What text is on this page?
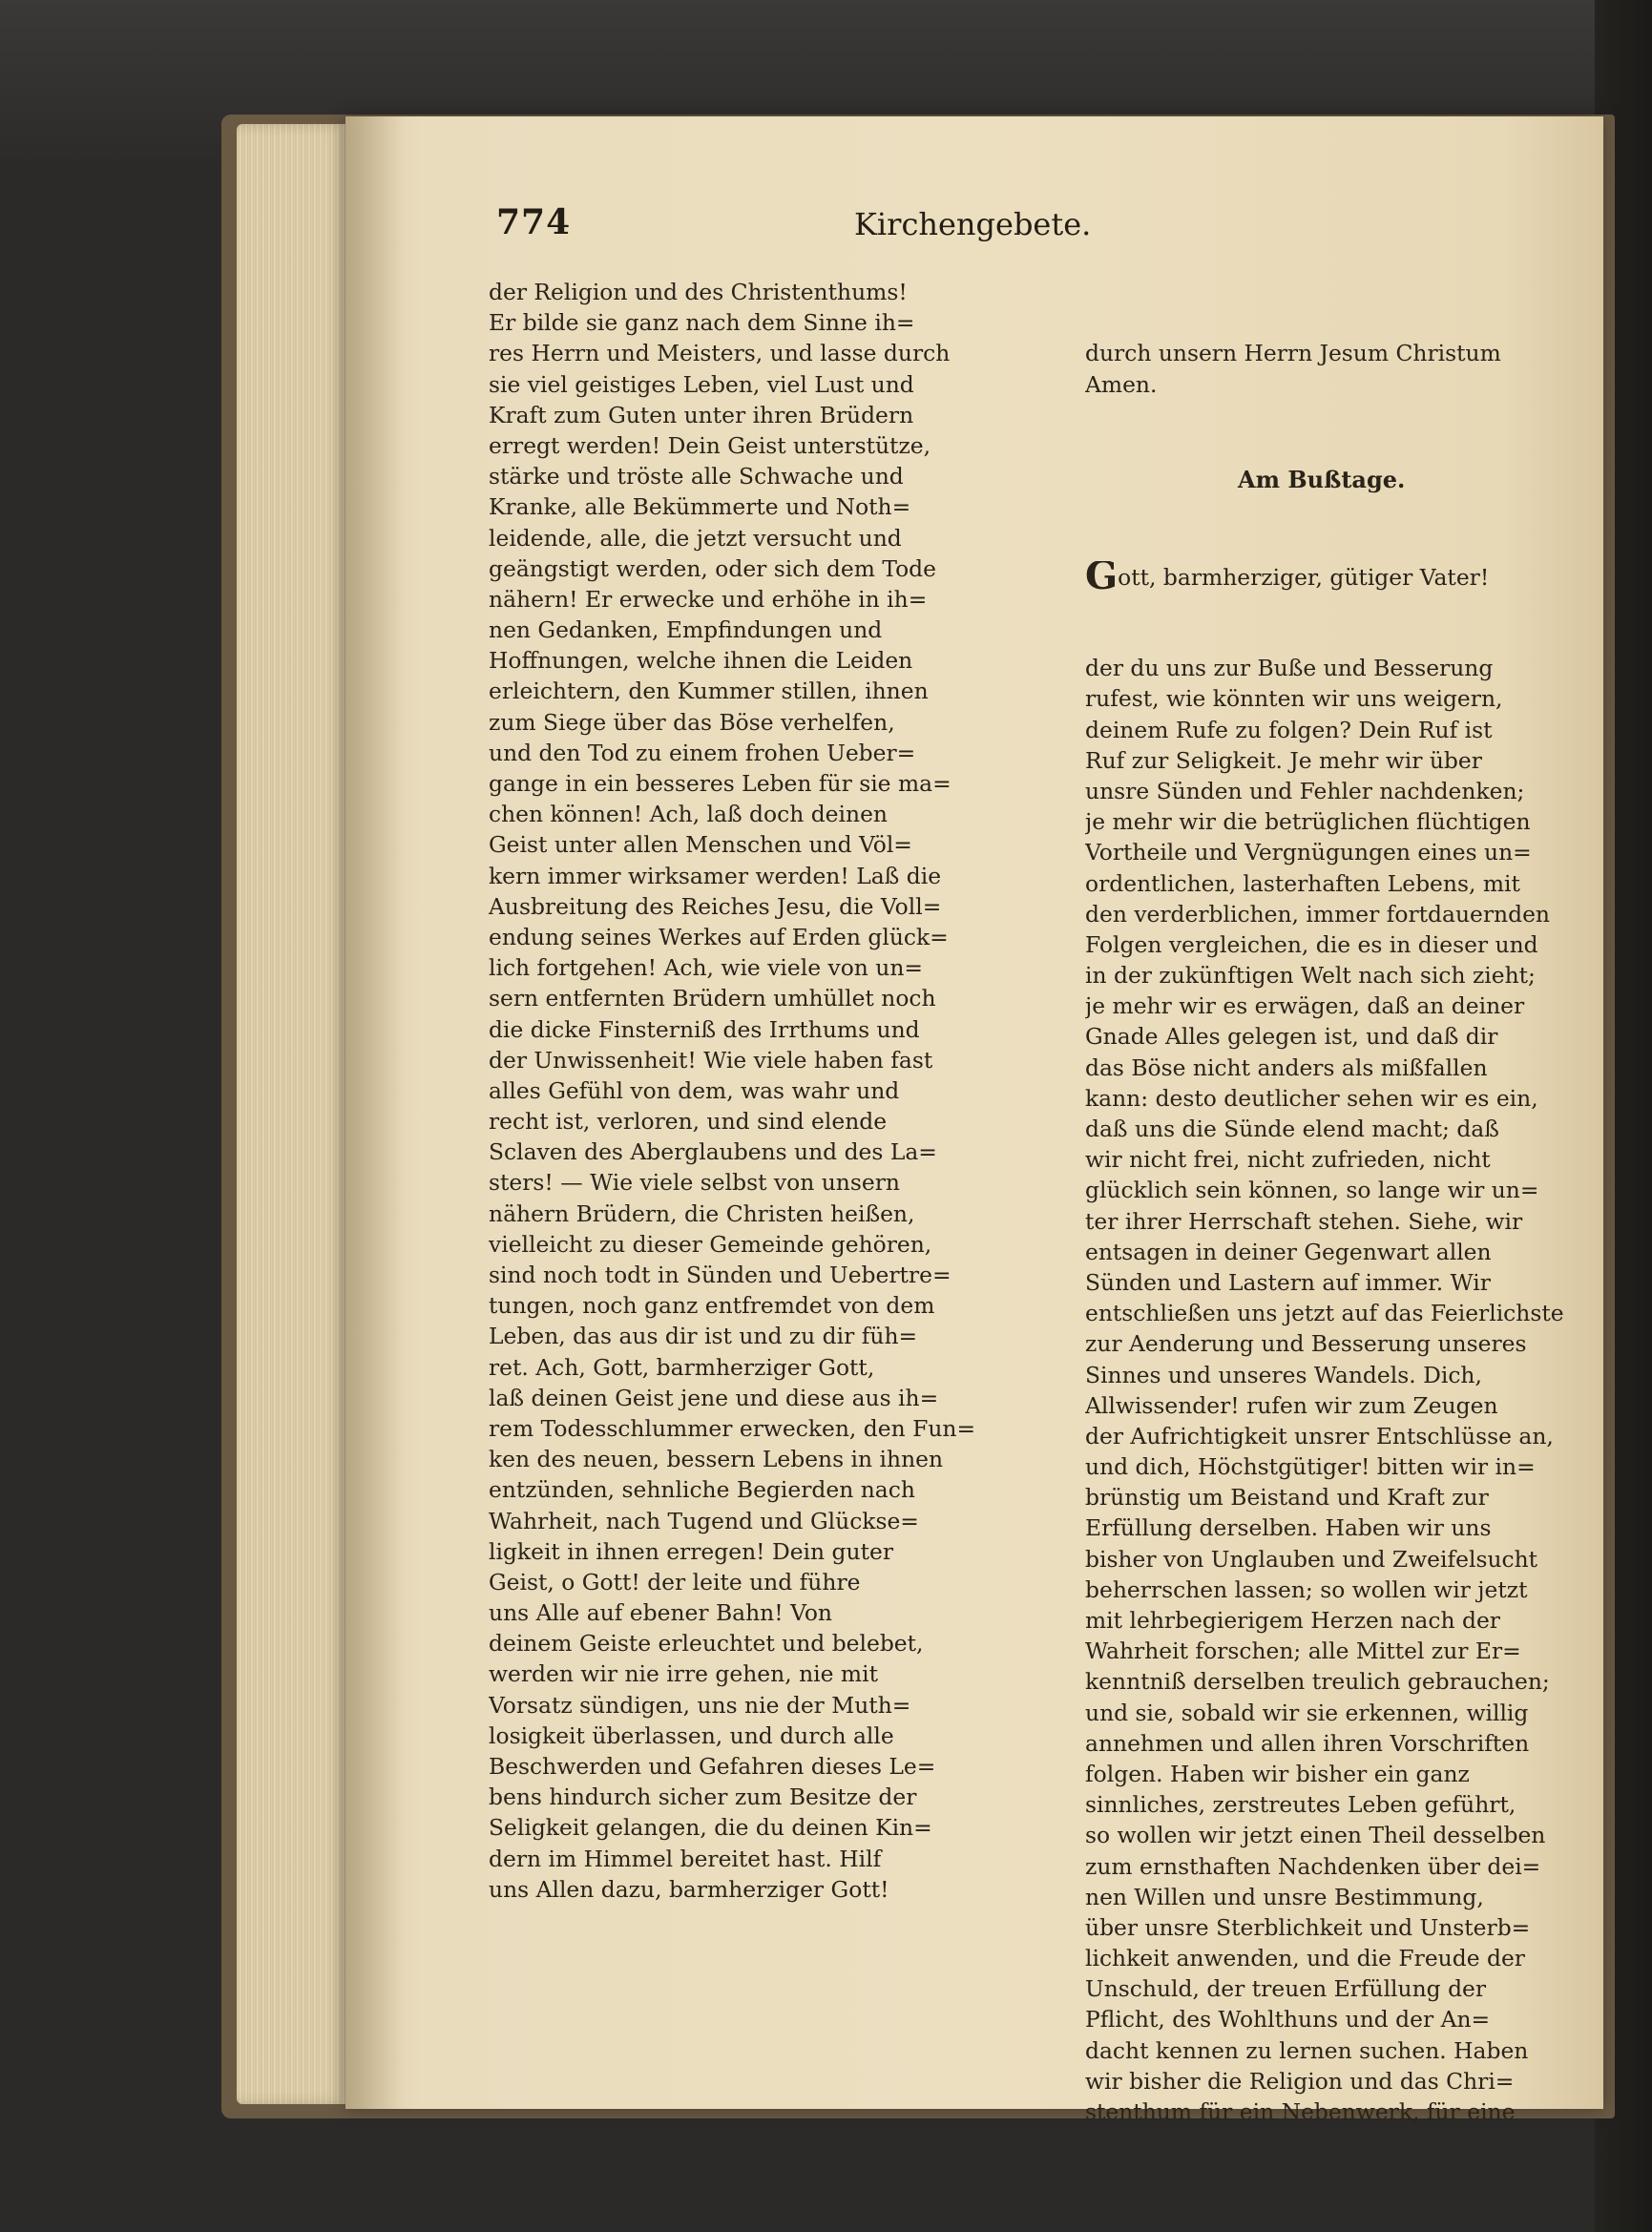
774	Kirchengebete.
der Religion und des Christenthums!
Er bilde sie ganz nach dem Sinne ih=
res Herrn und Meisters, und lasse durch
sie viel geistiges Leben, viel Lust und
Kraft zum Guten unter ihren Brüdern
erregt werden! Dein Geist unterstütze,
stärke und tröste alle Schwache und
Kranke, alle Bekümmerte und Noth=
leidende, alle, die jetzt versucht und
geängstigt werden, oder sich dem Tode
nähern! Er erwecke und erhöhe in ih=
nen Gedanken, Empfindungen und
Hoffnungen, welche ihnen die Leiden
erleichtern, den Kummer stillen, ihnen
zum Siege über das Böse verhelfen,
und den Tod zu einem frohen Ueber=
gange in ein besseres Leben für sie ma=
chen können! Ach, laß doch deinen
Geist unter allen Menschen und Völ=
kern immer wirksamer werden! Laß die
Ausbreitung des Reiches Jesu, die Voll=
endung seines Werkes auf Erden glück=
lich fortgehen! Ach, wie viele von un=
sern entfernten Brüdern umhüllet noch
die dicke Finsterniß des Irrthums und
der Unwissenheit! Wie viele haben fast
alles Gefühl von dem, was wahr und
recht ist, verloren, und sind elende
Sclaven des Aberglaubens und des La=
sters! — Wie viele selbst von unsern
nähern Brüdern, die Christen heißen,
vielleicht zu dieser Gemeinde gehören,
sind noch todt in Sünden und Uebertre=
tungen, noch ganz entfremdet von dem
Leben, das aus dir ist und zu dir füh=
ret. Ach, Gott, barmherziger Gott,
laß deinen Geist jene und diese aus ih=
rem Todesschlummer erwecken, den Fun=
ken des neuen, bessern Lebens in ihnen
entzünden, sehnliche Begierden nach
Wahrheit, nach Tugend und Glückse=
ligkeit in ihnen erregen! Dein guter
Geist, o Gott! der leite und führe
uns Alle auf ebener Bahn! Von
deinem Geiste erleuchtet und belebet,
werden wir nie irre gehen, nie mit
Vorsatz sündigen, uns nie der Muth=
losigkeit überlassen, und durch alle
Beschwerden und Gefahren dieses Le=
bens hindurch sicher zum Besitze der
Seligkeit gelangen, die du deinen Kin=
dern im Himmel bereitet hast. Hilf
uns Allen dazu, barmherziger Gott!

durch unsern Herrn Jesum Christum
Amen.

Am Bußtage.

Gott, barmherziger, gütiger Vater!

der du uns zur Buße und Besserung
rufest, wie könnten wir uns weigern,
deinem Rufe zu folgen? Dein Ruf ist
Ruf zur Seligkeit. Je mehr wir über
unsre Sünden und Fehler nachdenken;
je mehr wir die betrüglichen flüchtigen
Vortheile und Vergnügungen eines un=
ordentlichen, lasterhaften Lebens, mit
den verderblichen, immer fortdauernden
Folgen vergleichen, die es in dieser und
in der zukünftigen Welt nach sich zieht;
je mehr wir es erwägen, daß an deiner
Gnade Alles gelegen ist, und daß dir
das Böse nicht anders als mißfallen
kann: desto deutlicher sehen wir es ein,
daß uns die Sünde elend macht; daß
wir nicht frei, nicht zufrieden, nicht
glücklich sein können, so lange wir un=
ter ihrer Herrschaft stehen. Siehe, wir
entsagen in deiner Gegenwart allen
Sünden und Lastern auf immer. Wir
entschließen uns jetzt auf das Feierlichste
zur Aenderung und Besserung unseres
Sinnes und unseres Wandels. Dich,
Allwissender! rufen wir zum Zeugen
der Aufrichtigkeit unsrer Entschlüsse an,
und dich, Höchstgütiger! bitten wir in=
brünstig um Beistand und Kraft zur
Erfüllung derselben. Haben wir uns
bisher von Unglauben und Zweifelsucht
beherrschen lassen; so wollen wir jetzt
mit lehrbegierigem Herzen nach der
Wahrheit forschen; alle Mittel zur Er=
kenntniß derselben treulich gebrauchen;
und sie, sobald wir sie erkennen, willig
annehmen und allen ihren Vorschriften
folgen. Haben wir bisher ein ganz
sinnliches, zerstreutes Leben geführt,
so wollen wir jetzt einen Theil desselben
zum ernsthaften Nachdenken über dei=
nen Willen und unsre Bestimmung,
über unsre Sterblichkeit und Unsterb=
lichkeit anwenden, und die Freude der
Unschuld, der treuen Erfüllung der
Pflicht, des Wohlthuns und der An=
dacht kennen zu lernen suchen. Haben
wir bisher die Religion und das Chri=
stenthum für ein Nebenwerk, für eine
